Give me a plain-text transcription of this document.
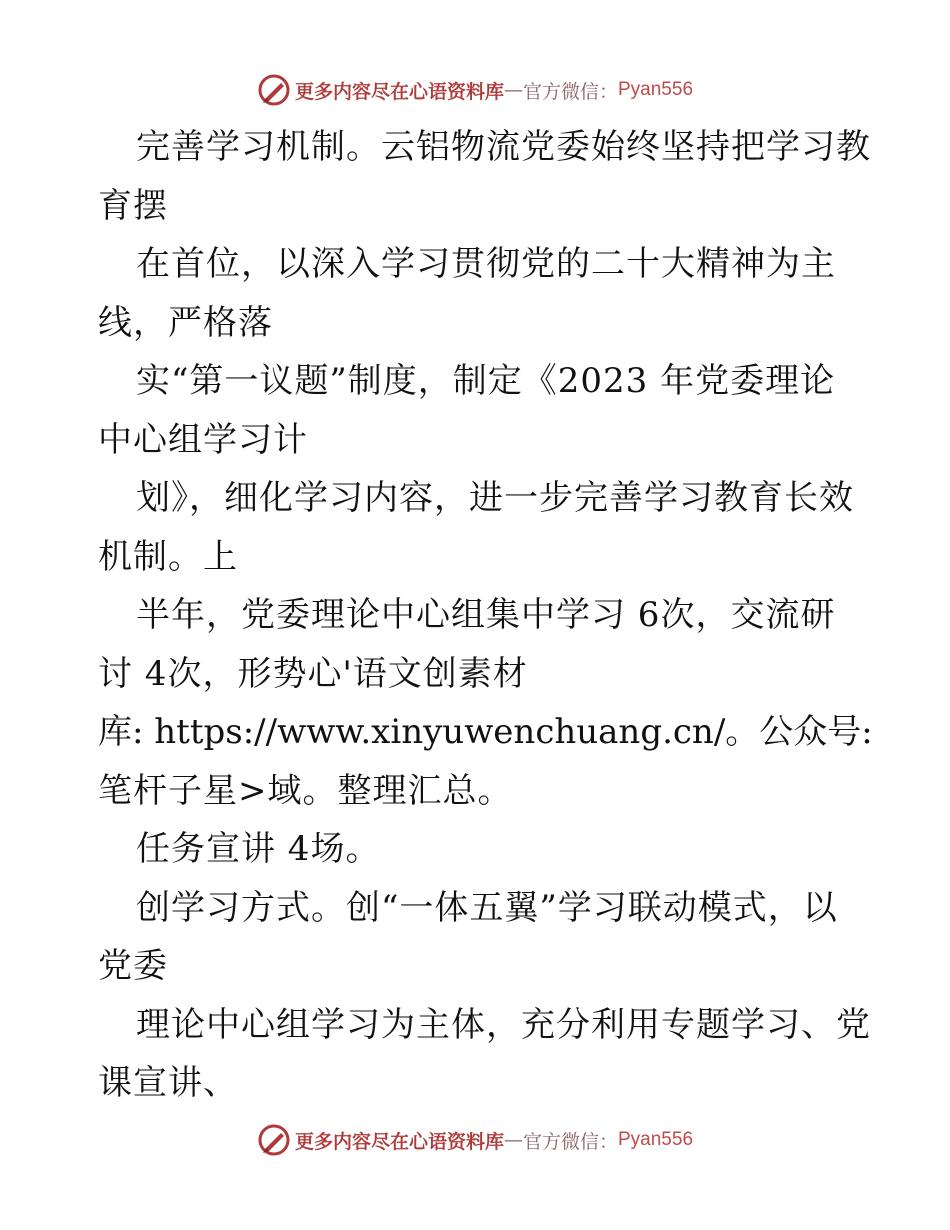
更多内容尽在心语资料库 — 官方微信： Pyan556
完善学习机制。云铝物流党委始终坚持把学习教
育摆
在首位，以深入学习贯彻党的二十大精神为主
线，严格落
实“第一议题”制度，制定《2023 年党委理论
中心组学习计
划》，细化学习内容，进一步完善学习教育长效
机制。上
半年，党委理论中心组集中学习 6次，交流研
讨 4次，形势心'语文创素材
库: https://www.xinyuwenchuang.cn/。公众号:
笔杆子星>域。整理汇总。
任务宣讲 4场。
创学习方式。创“一体五翼”学习联动模式，以
党委
理论中心组学习为主体，充分利用专题学习、党
课宣讲、
更多内容尽在心语资料库 — 官方微信： Pyan556
